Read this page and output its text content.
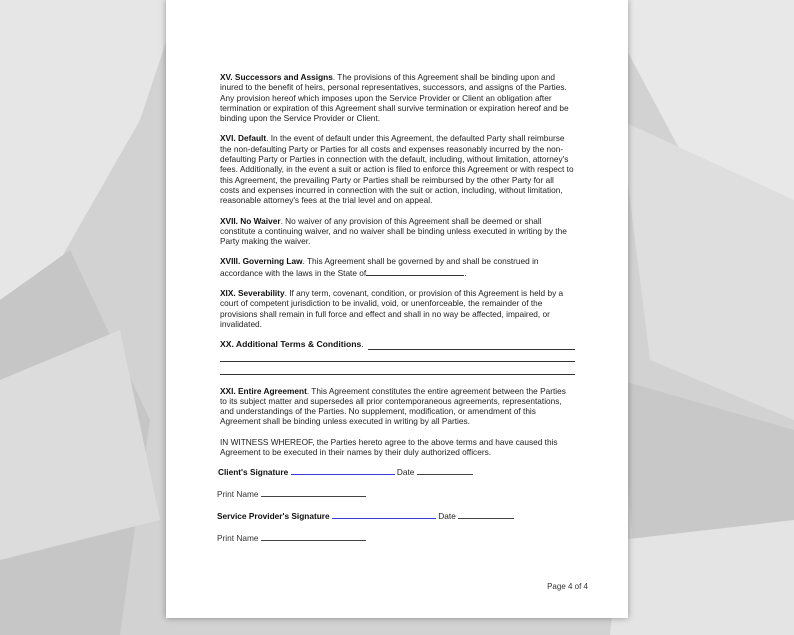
XV. Successors and Assigns. The provisions of this Agreement shall be binding upon and inured to the benefit of heirs, personal representatives, successors, and assigns of the Parties. Any provision hereof which imposes upon the Service Provider or Client an obligation after termination or expiration of this Agreement shall survive termination or expiration hereof and be binding upon the Service Provider or Client.

XVI. Default. In the event of default under this Agreement, the defaulted Party shall reimburse the non-defaulting Party or Parties for all costs and expenses reasonably incurred by the non-defaulting Party or Parties in connection with the default, including, without limitation, attorney's fees. Additionally, in the event a suit or action is filed to enforce this Agreement or with respect to this Agreement, the prevailing Party or Parties shall be reimbursed by the other Party for all costs and expenses incurred in connection with the suit or action, including, without limitation, reasonable attorney's fees at the trial level and on appeal.

XVII. No Waiver. No waiver of any provision of this Agreement shall be deemed or shall constitute a continuing waiver, and no waiver shall be binding unless executed in writing by the Party making the waiver.

XVIII. Governing Law. This Agreement shall be governed by and shall be construed in accordance with the laws in the State of	.

XIX. Severability. If any term, covenant, condition, or provision of this Agreement is held by a court of competent jurisdiction to be invalid, void, or unenforceable, the remainder of the provisions shall remain in full force and effect and shall in no way be affected, impaired, or invalidated.

XX. Additional Terms & Conditions .

XXI. Entire Agreement. This Agreement constitutes the entire agreement between the Parties to its subject matter and supersedes all prior contemporaneous agreements, representations, and understandings of the Parties. No supplement, modification, or amendment of this Agreement shall be binding unless executed in writing by all Parties.

IN WITNESS WHEREOF, the Parties hereto agree to the above terms and have caused this Agreement to be executed in their names by their duly authorized officers.

Client's Signature	Date
Print Name
Service Provider's Signature	Date
Print Name
Page 4 of 4
